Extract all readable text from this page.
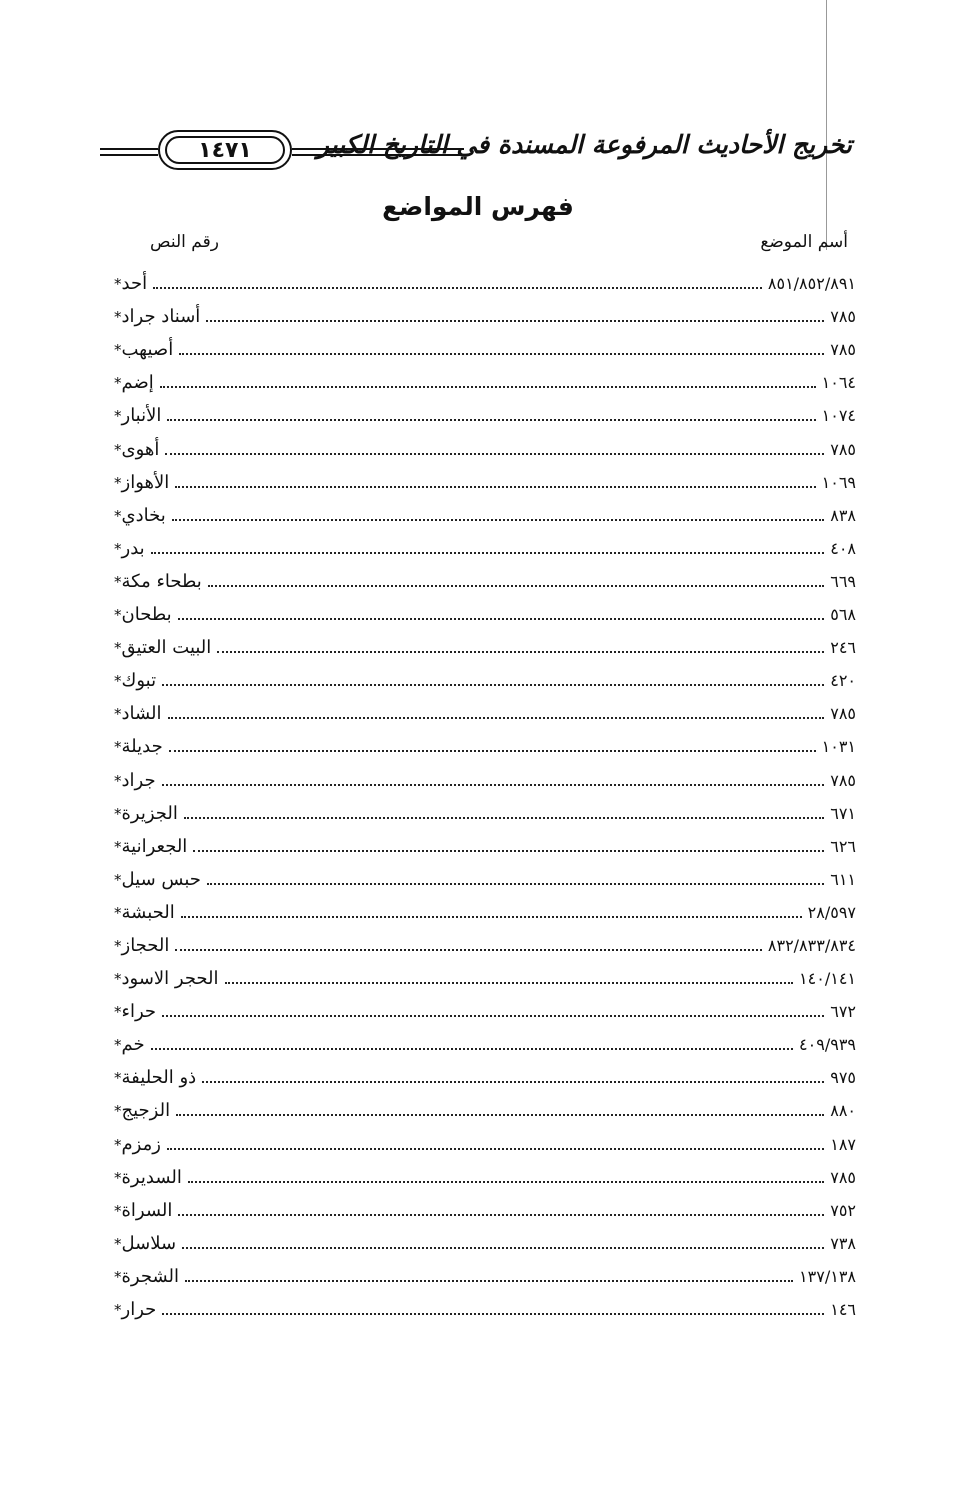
١٤٧١	تخريج الأحاديث المرفوعة المسندة في التاريخ الكبير
فهرس المواضع
أسم الموضع
رقم النص
* أحد	٨٥١/٨٥٢/٨٩١
* أسناد جراد	٧٨٥
* أصيهب	٧٨٥
* إضم	١٠٦٤
* الأنبار	١٠٧٤
* أهوى	٧٨٥
* الأهواز	١٠٦٩
* بخادي	٨٣٨
* بدر	٤٠٨
* بطحاء مكة	٦٦٩
* بطحان	٥٦٨
* البيت العتيق	٢٤٦
* تبوك	٤٢٠
* الشاد	٧٨٥
* جديلة	١٠٣١
* جراد	٧٨٥
* الجزيرة	٦٧١
* الجعرانية	٦٢٦
* حبس سيل	٦١١
* الحبشة	٢٨/٥٩٧
* الحجاز	٨٣٢/٨٣٣/٨٣٤
* الحجر الاسود	١٤٠/١٤١
* حراء	٦٧٢
* خم	٤٠٩/٩٣٩
* ذو الحليفة	٩٧٥
* الزجيج	٨٨٠
* زمزم	١٨٧
* السديرة	٧٨٥
* السراة	٧٥٢
* سلاسل	٧٣٨
* الشجرة	١٣٧/١٣٨
* حرار	١٤٦
